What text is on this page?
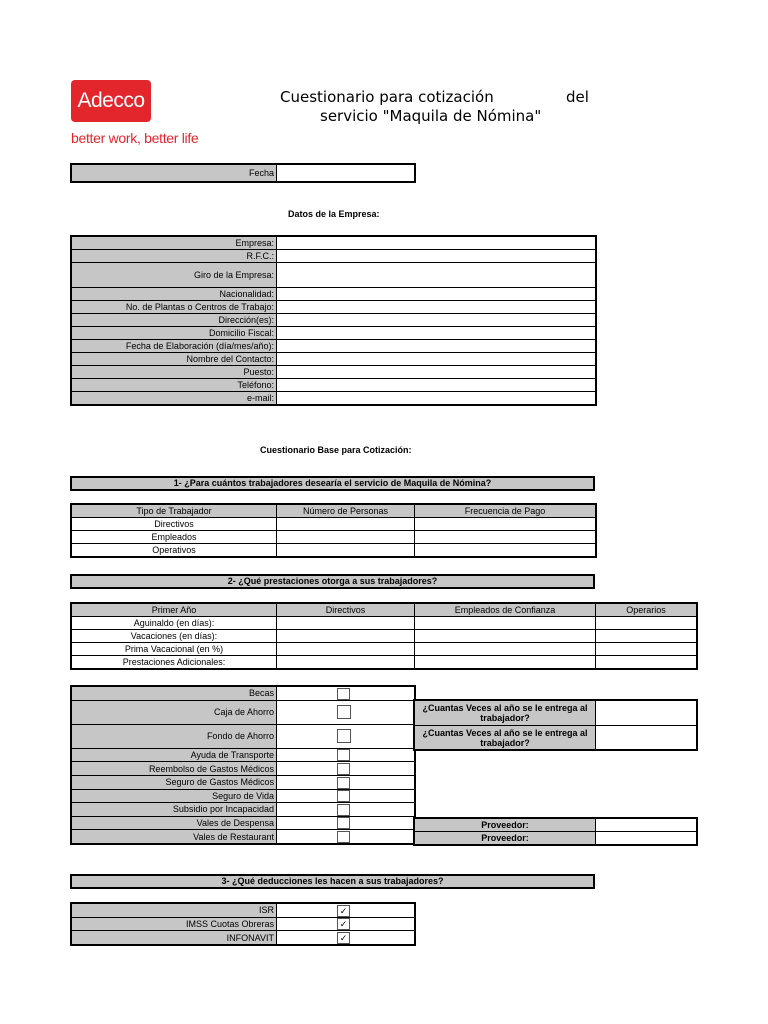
Adecco
better work, better life
Cuestionario para cotización	del
servicio "Maquila de Nómina"
Fecha	
Datos de la Empresa:
Empresa:	
R.F.C.:	
Giro de la Empresa:	
Nacionalidad:	
No. de Plantas o Centros de Trabajo:	
Dirección(es):	
Domicilio Fiscal:	
Fecha de Elaboración (día/mes/año):	
Nombre del Contacto:	
Puesto:	
Teléfono:	
e-mail:	
Cuestionario Base para Cotización:
1- ¿Para cuántos trabajadores desearía el servicio de Maquila de Nómina?
Tipo de Trabajador	Número de Personas	Frecuencia de Pago
Directivos		
Empleados		
Operativos		
2- ¿Qué prestaciones otorga a sus trabajadores?
Primer Año	Directivos	Empleados de Confianza	Operarios
Aguinaldo (en días):			
Vacaciones (en días):			
Prima Vacacional (en %)			
Prestaciones Adicionales:			
Becas	
Caja de Ahorro	
Fondo de Ahorro	
Ayuda de Transporte	
Reembolso de Gastos Médicos	
Seguro de Gastos Médicos	
Seguro de Vida	
Subsidio por Incapacidad	
Vales de Despensa	
Vales de Restaurant	
¿Cuantas Veces al año se le entrega al trabajador?	
¿Cuantas Veces al año se le entrega al trabajador?	
Proveedor:	
Proveedor:	
3- ¿Qué deducciones les hacen a sus trabajadores?
ISR	✓
IMSS Cuotas Obreras	✓
INFONAVIT	✓
